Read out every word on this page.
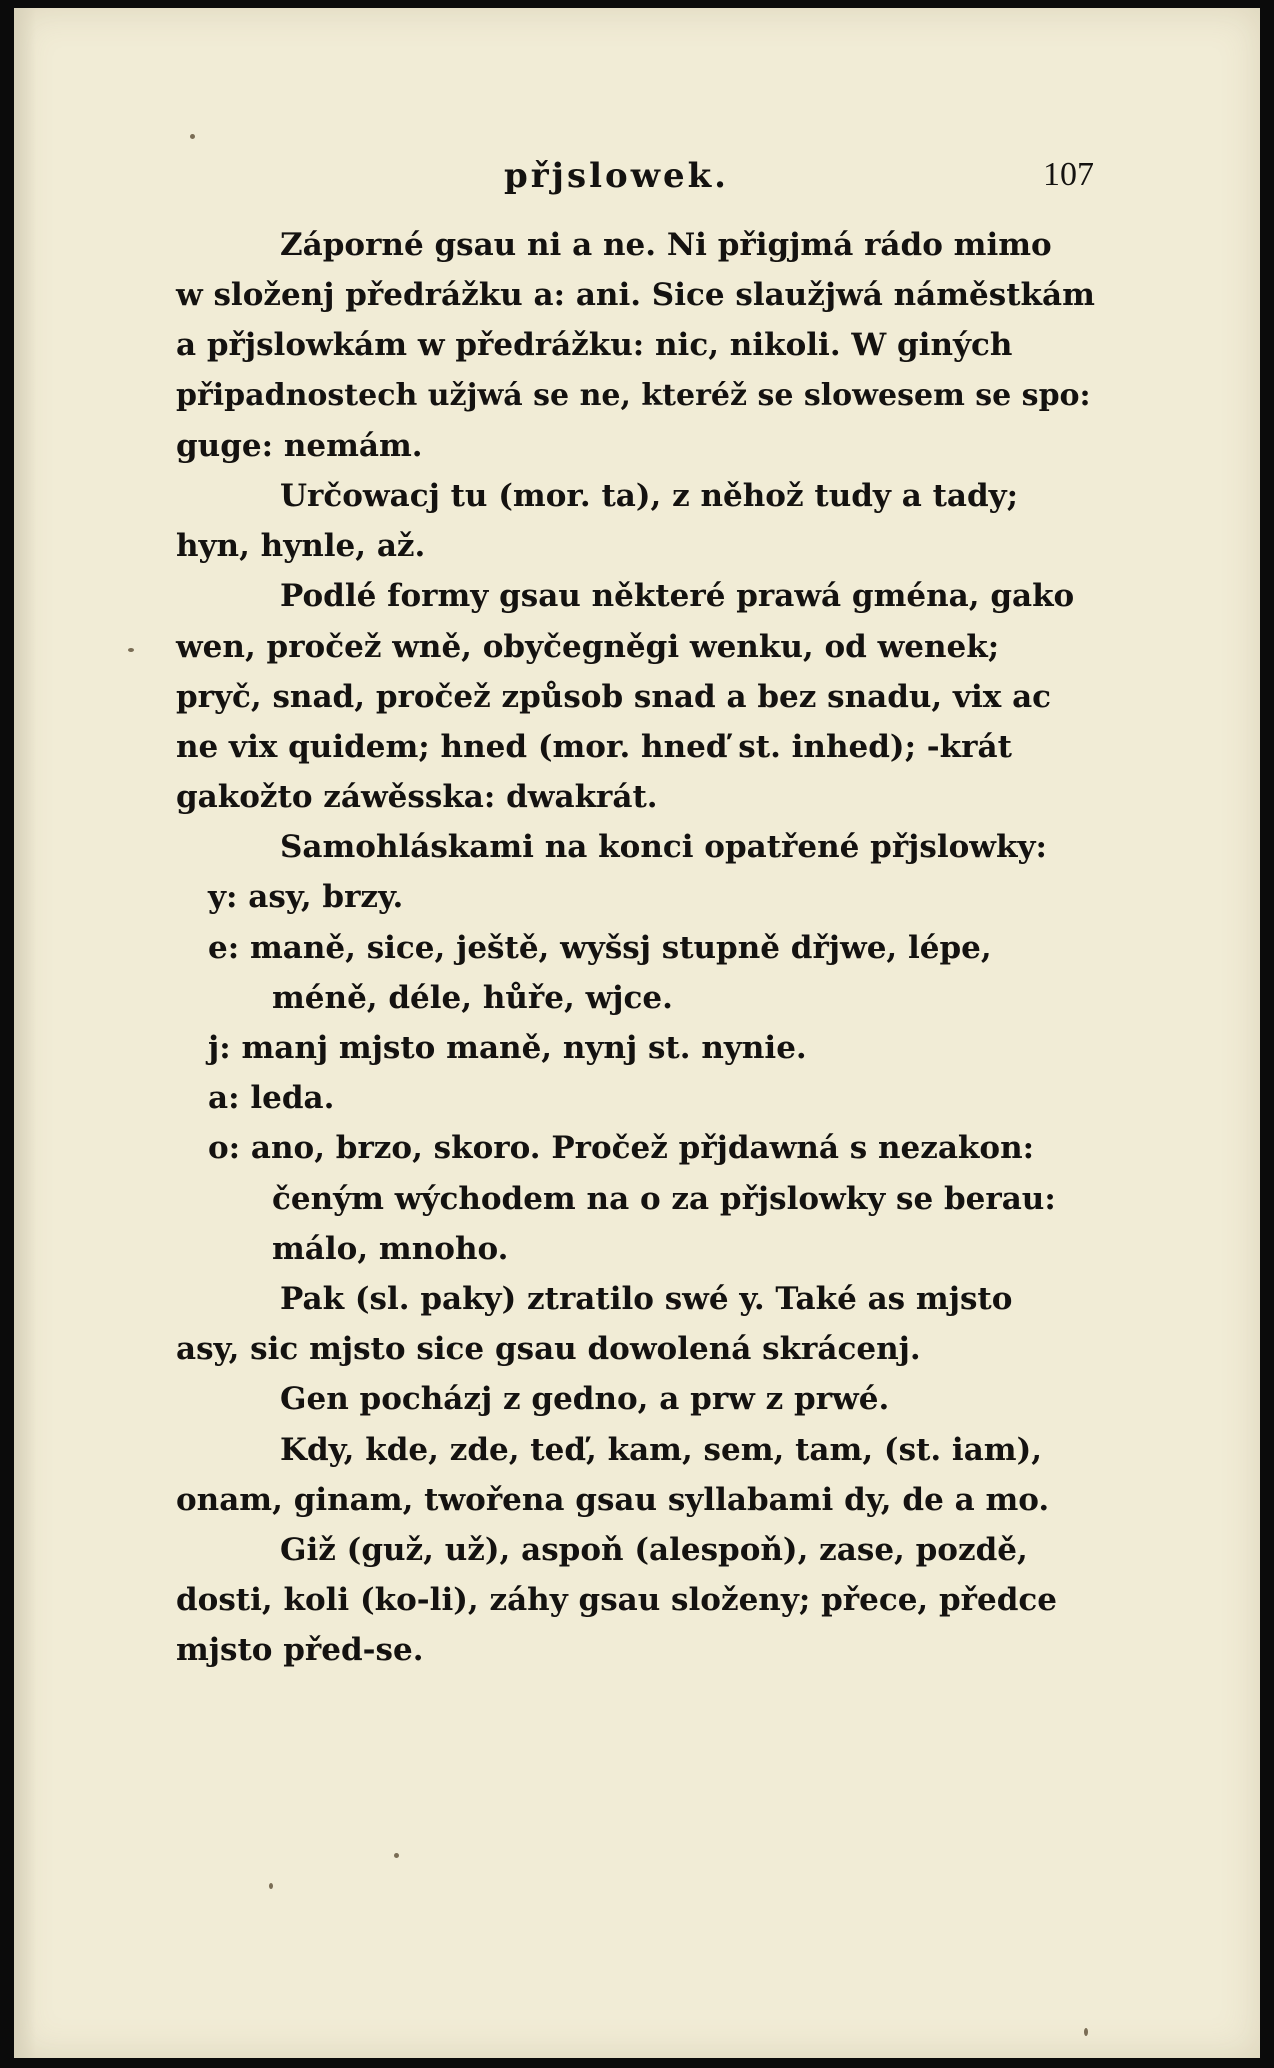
přjslowek.	107
Záporné gsau ni a ne. Ni přigjmá rádo mimo
w složenj předrážku a: ani. Sice slaužjwá náměstkám
a přjslowkám w předrážku: nic, nikoli. W giných
připadnostech užjwá se ne, kteréž se slowesem se spo:
guge: nemám.
Určowacj tu (mor. ta), z něhož tudy a tady;
hyn, hynle, až.
Podlé formy gsau některé prawá gména, gako
wen, pročež wně, obyčegněgi wenku, od wenek;
pryč, snad, pročež způsob snad a bez snadu, vix ac
ne vix quidem; hned (mor. hneď st. inhed); -krát
gakožto záwěsska: dwakrát.
Samohláskami na konci opatřené přjslowky:
y: asy, brzy.
e: maně, sice, ještě, wyšsj stupně dřjwe, lépe,
méně, déle, hůře, wjce.
j: manj mjsto maně, nynj st. nynie.
a: leda.
o: ano, brzo, skoro. Pročež přjdawná s nezakon:
čeným wýchodem na o za přjslowky se berau:
málo, mnoho.
Pak (sl. paky) ztratilo swé y. Také as mjsto
asy, sic mjsto sice gsau dowolená skrácenj.
Gen pocházj z gedno, a prw z prwé.
Kdy, kde, zde, teď, kam, sem, tam, (st. iam),
onam, ginam, twořena gsau syllabami dy, de a mo.
Giž (guž, už), aspoň (alespoň), zase, pozdě,
dosti, koli (ko-li), záhy gsau složeny; přece, předce
mjsto před-se.
